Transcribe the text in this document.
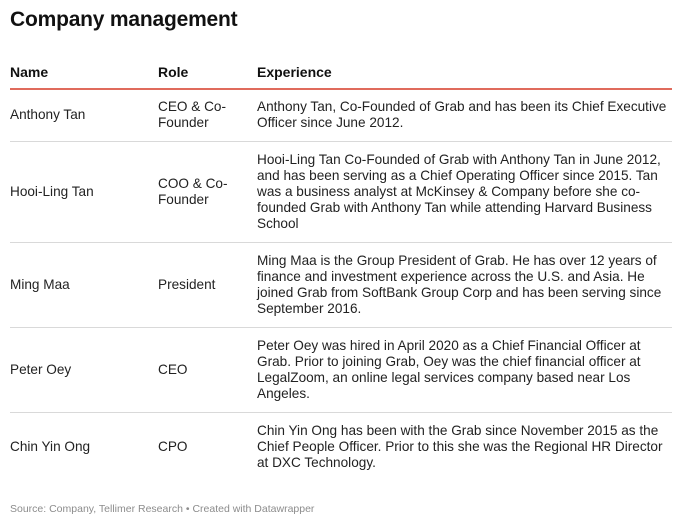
Company management
Name	Role	Experience
Anthony Tan	CEO & Co-Founder	Anthony Tan, Co-Founded of Grab and has been its Chief Executive Officer since June 2012.
Hooi-Ling Tan	COO & Co-Founder	Hooi-Ling Tan Co-Founded of Grab with Anthony Tan in June 2012, and has been serving as a Chief Operating Officer since 2015. Tan was a business analyst at McKinsey & Company before she co-founded Grab with Anthony Tan while attending Harvard Business School
Ming Maa	President	Ming Maa is the Group President of Grab. He has over 12 years of finance and investment experience across the U.S. and Asia. He joined Grab from SoftBank Group Corp and has been serving since September 2016.
Peter Oey	CEO	Peter Oey was hired in April 2020 as a Chief Financial Officer at Grab. Prior to joining Grab, Oey was the chief financial officer at LegalZoom, an online legal services company based near Los Angeles.
Chin Yin Ong	CPO	Chin Yin Ong has been with the Grab since November 2015 as the Chief People Officer. Prior to this she was the Regional HR Director at DXC Technology.
Source: Company, Tellimer Research • Created with Datawrapper
